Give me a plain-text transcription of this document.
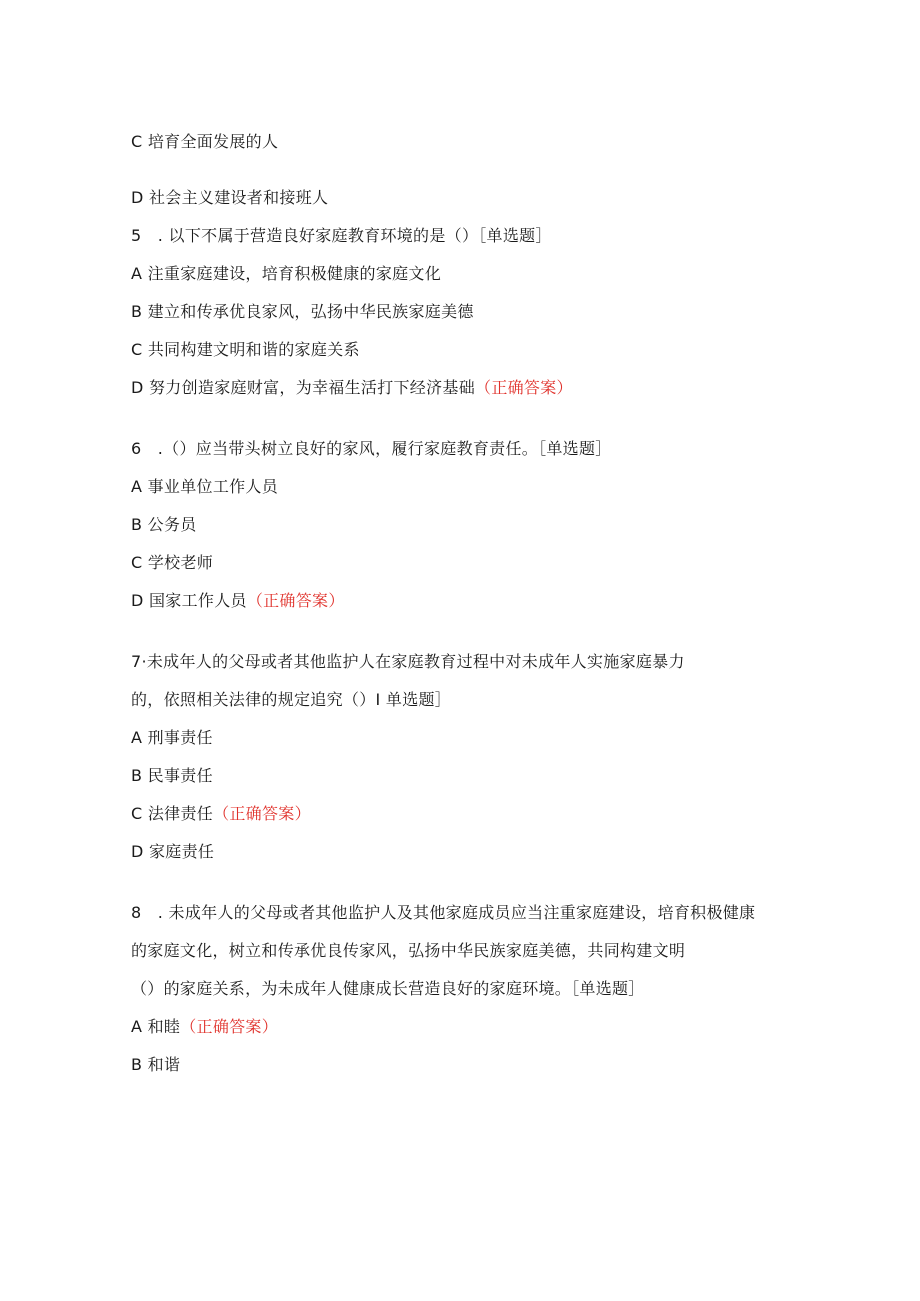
C 培育全面发展的人
D 社会主义建设者和接班人
5　. 以下不属于营造良好家庭教育环境的是（）［单选题］
A 注重家庭建设，培育积极健康的家庭文化
B 建立和传承优良家风，弘扬中华民族家庭美德
C 共同构建文明和谐的家庭关系
D 努力创造家庭财富，为幸福生活打下经济基础（正确答案）
6　.（）应当带头树立良好的家风，履行家庭教育责任。［单选题］
A 事业单位工作人员
B 公务员
C 学校老师
D 国家工作人员（正确答案）
7·未成年人的父母或者其他监护人在家庭教育过程中对未成年人实施家庭暴力
的，依照相关法律的规定追究（）I 单选题］
A 刑事责任
B 民事责任
C 法律责任（正确答案）
D 家庭责任
8　. 未成年人的父母或者其他监护人及其他家庭成员应当注重家庭建设，培育积极健康
的家庭文化，树立和传承优良传家风，弘扬中华民族家庭美德，共同构建文明
（）的家庭关系，为未成年人健康成长营造良好的家庭环境。［单选题］
A 和睦（正确答案）
B 和谐
